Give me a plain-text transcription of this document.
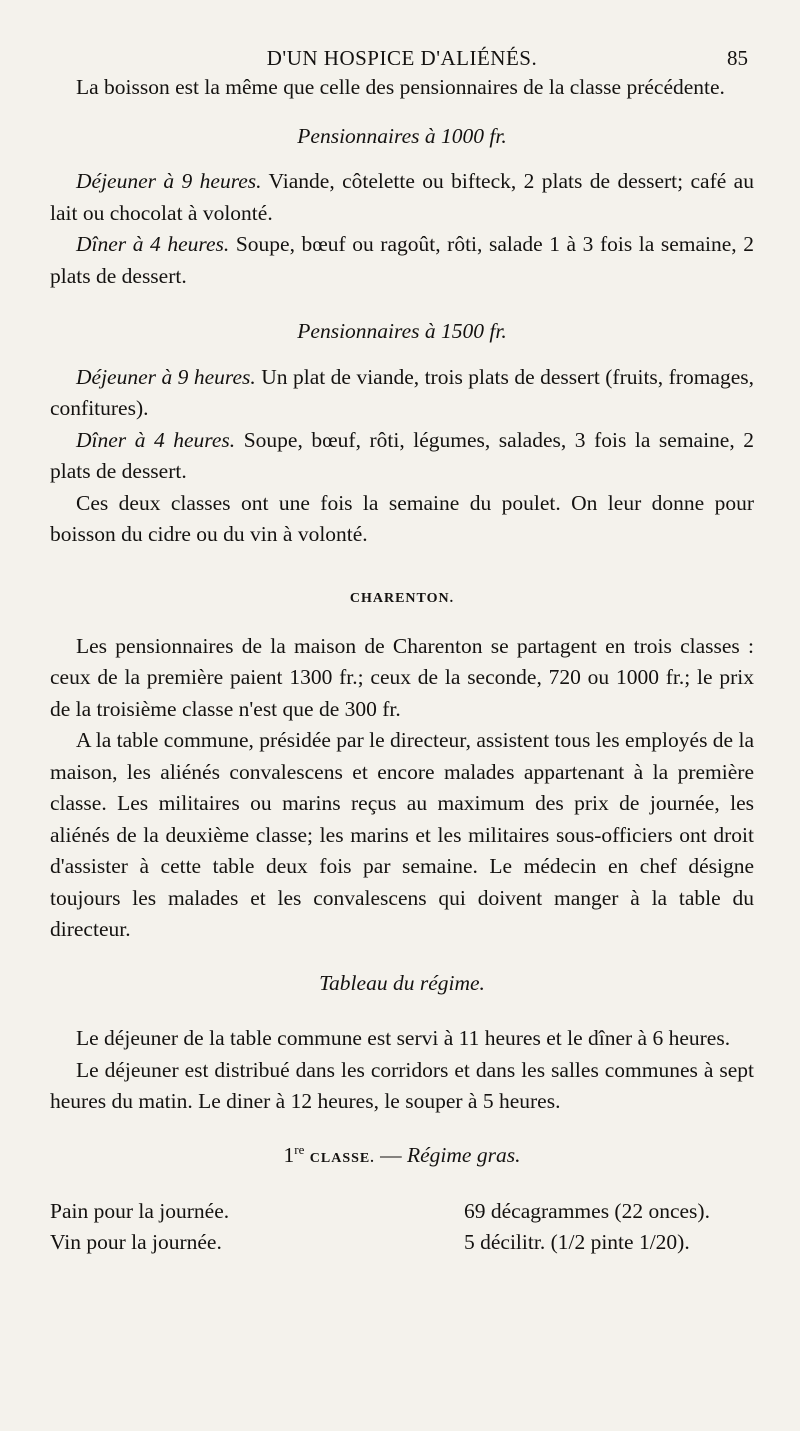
D'UN HOSPICE D'ALIÉNÉS.	85

La boisson est la même que celle des pensionnaires de la classe précédente.

Pensionnaires à 1000 fr.

Déjeuner à 9 heures. Viande, côtelette ou bifteck, 2 plats de dessert; café au lait ou chocolat à volonté.

Dîner à 4 heures. Soupe, bœuf ou ragoût, rôti, salade 1 à 3 fois la semaine, 2 plats de dessert.

Pensionnaires à 1500 fr.

Déjeuner à 9 heures. Un plat de viande, trois plats de dessert (fruits, fromages, confitures).

Dîner à 4 heures. Soupe, bœuf, rôti, légumes, salades, 3 fois la semaine, 2 plats de dessert.

Ces deux classes ont une fois la semaine du poulet. On leur donne pour boisson du cidre ou du vin à volonté.

CHARENTON.

Les pensionnaires de la maison de Charenton se partagent en trois classes : ceux de la première paient 1300 fr.; ceux de la seconde, 720 ou 1000 fr.; le prix de la troisième classe n'est que de 300 fr.

A la table commune, présidée par le directeur, assistent tous les employés de la maison, les aliénés convalescens et encore malades appartenant à la première classe. Les militaires ou marins reçus au maximum des prix de journée, les aliénés de la deuxième classe; les marins et les militaires sous-officiers ont droit d'assister à cette table deux fois par semaine. Le médecin en chef désigne toujours les malades et les convalescens qui doivent manger à la table du directeur.

Tableau du régime.

Le déjeuner de la table commune est servi à 11 heures et le dîner à 6 heures.

Le déjeuner est distribué dans les corridors et dans les salles communes à sept heures du matin. Le diner à 12 heures, le souper à 5 heures.

1re CLASSE. — Régime gras.
Pain pour la journée.	69 décagrammes (22 onces).
Vin pour la journée.	5 décilitr. (1/2 pinte 1/20).
